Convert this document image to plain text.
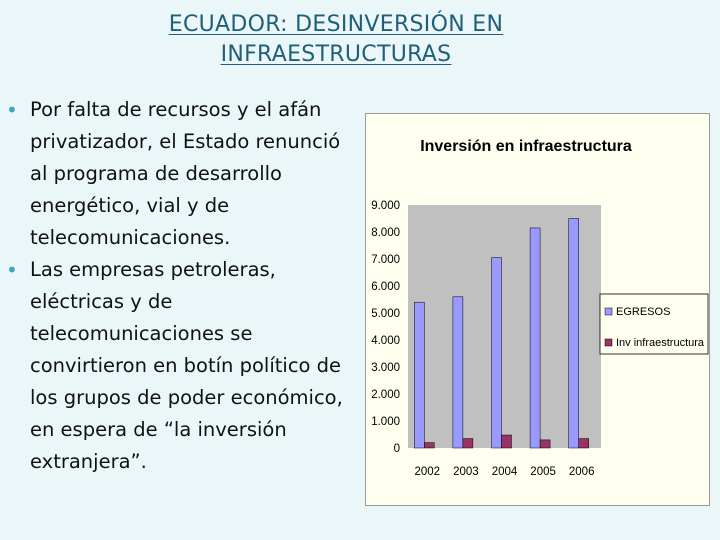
ECUADOR: DESINVERSIÓN EN
INFRAESTRUCTURAS
• Por falta de recursos y el afán privatizador, el Estado renunció al programa de desarrollo energético, vial y de telecomunicaciones.
• Las empresas petroleras, eléctricas y de telecomunicaciones se convirtieron en botín político de los grupos de poder económico, en espera de “la inversión extranjera”.
Inversión en infraestructura
0
1.000
2.000
3.000
4.000
5.000
6.000
7.000
8.000
9.000
2002 2003 2004 2005 2006
EGRESOS
Inv infraestructura
